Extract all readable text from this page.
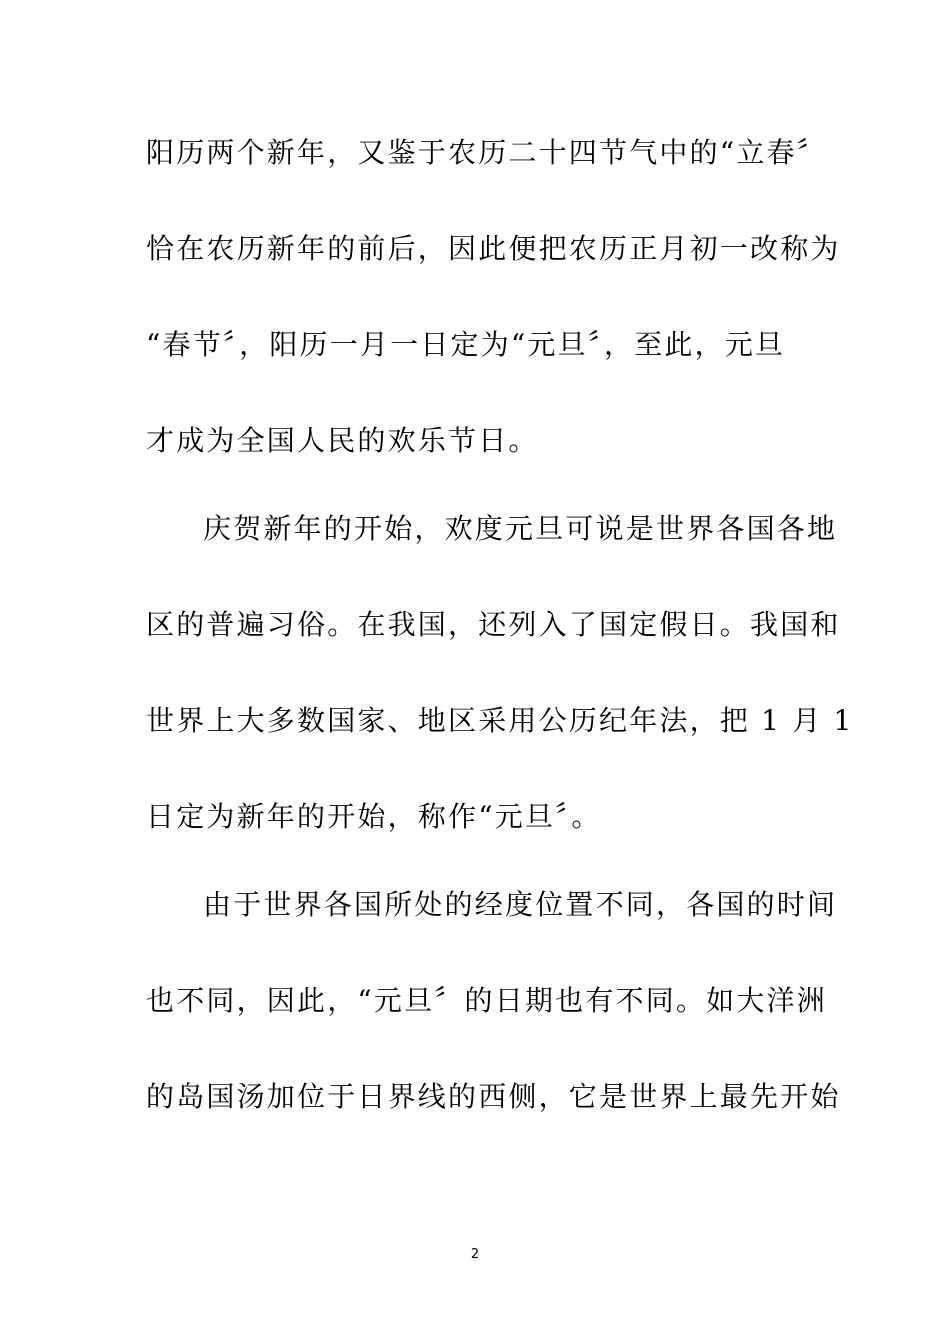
阳历两个新年，又鉴于农历二十四节气中的“立春〞
恰在农历新年的前后，因此便把农历正月初一改称为
“春节〞，阳历一月一日定为“元旦〞，至此，元旦
才成为全国人民的欢乐节日。
庆贺新年的开始，欢度元旦可说是世界各国各地
区的普遍习俗。在我国，还列入了国定假日。我国和
世界上大多数国家、地区采用公历纪年法，把 1 月 1
日定为新年的开始，称作“元旦〞。
由于世界各国所处的经度位置不同，各国的时间
也不同，因此，“元旦〞的日期也有不同。如大洋洲
的岛国汤加位于日界线的西侧，它是世界上最先开始
2
